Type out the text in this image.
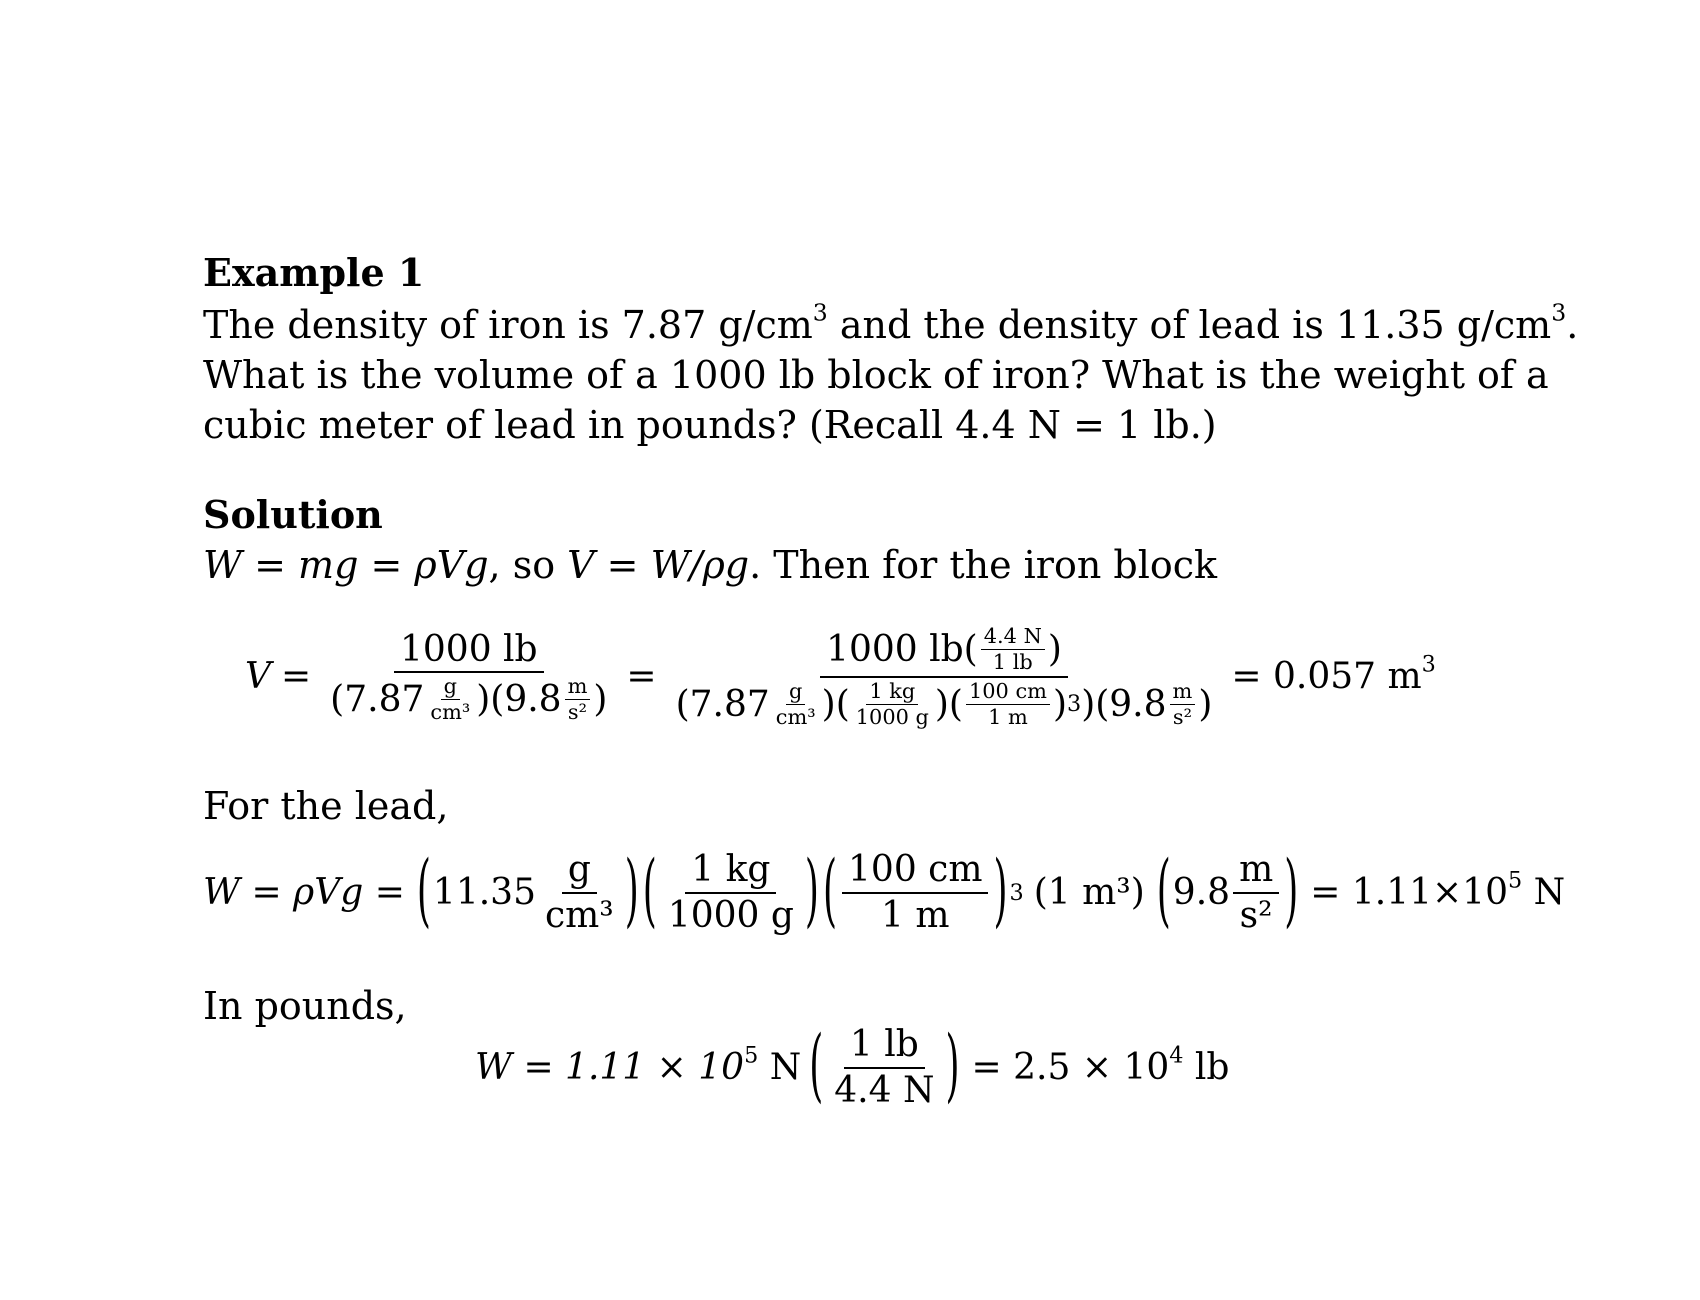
Example 1
The density of iron is 7.87 $g/cm^3$ and the density of lead is 11.35 $g/cm^3$.
What is the volume of a 1000 lb block of iron? What is the weight of a
cubic meter of lead in pounds? (Recall 4.4 N = 1 lb.)
Solution
W = mg = ρVg, so V = W/ρg. Then for the iron block
$V = \frac{1000 lb}{(7.87 \frac{g}{\text{cm³}} )(9.8 \frac{m}{\text{s²}} )}$ =
1000 $lb( \frac{4.4 N}{1 lb}$ )
($7.87 \frac{g}{\text{cm³}}$ )( $\frac{1 kg}{1000 g}$ )( $\frac{100 cm}{1 m}$ ) 3 )($9.8 \frac{m}{\text{s²}}$ )
= 0.057 $m^3$
For the lead,
W = ρVg = ( $11.35 \frac{g}{\text{cm³}}$ ) ( $\frac{1 kg}{1000 g}$ ) ( $\frac{100 cm}{1 m}$ ) 3 (1 m³) ( $9.8 \frac{m}{\text{s²}}$ ) = $1.11\times 10^5$ N
In pounds,
$W = 1.11 \times 10^5$ N ( $\frac{1 lb}{4.4 N}$ ) = $2.5 \times 10^4$ lb
